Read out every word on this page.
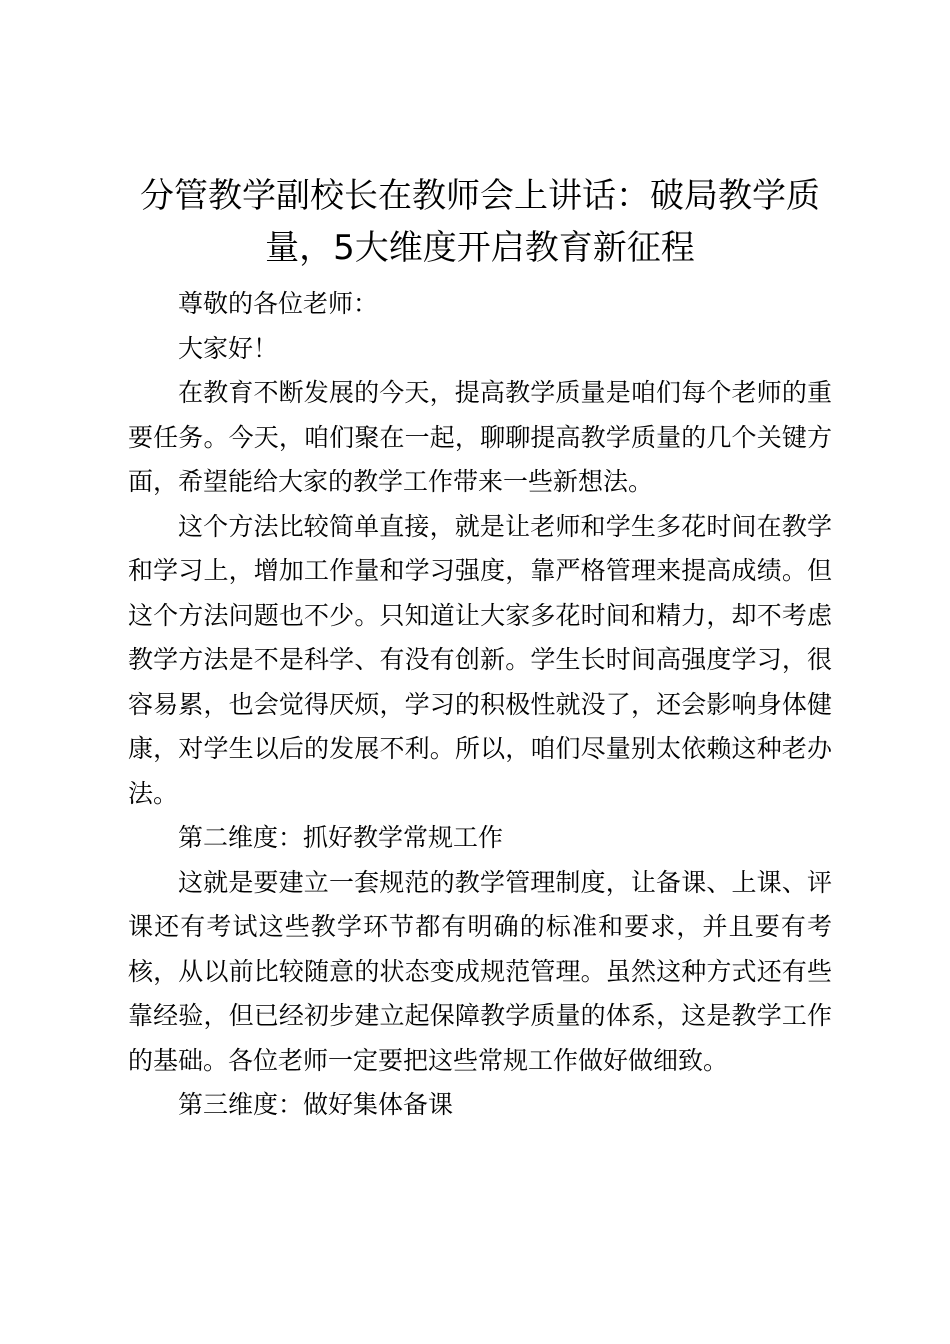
分管教学副校长在教师会上讲话：破局教学质量，5大维度开启教育新征程

尊敬的各位老师：

大家好！

在教育不断发展的今天，提高教学质量是咱们每个老师的重要任务。今天，咱们聚在一起，聊聊提高教学质量的几个关键方面，希望能给大家的教学工作带来一些新想法。

这个方法比较简单直接，就是让老师和学生多花时间在教学和学习上，增加工作量和学习强度，靠严格管理来提高成绩。但这个方法问题也不少。只知道让大家多花时间和精力，却不考虑教学方法是不是科学、有没有创新。学生长时间高强度学习，很容易累，也会觉得厌烦，学习的积极性就没了，还会影响身体健康，对学生以后的发展不利。所以，咱们尽量别太依赖这种老办法。

第二维度：抓好教学常规工作

这就是要建立一套规范的教学管理制度，让备课、上课、评课还有考试这些教学环节都有明确的标准和要求，并且要有考核，从以前比较随意的状态变成规范管理。虽然这种方式还有些靠经验，但已经初步建立起保障教学质量的体系，这是教学工作的基础。各位老师一定要把这些常规工作做好做细致。

第三维度：做好集体备课
